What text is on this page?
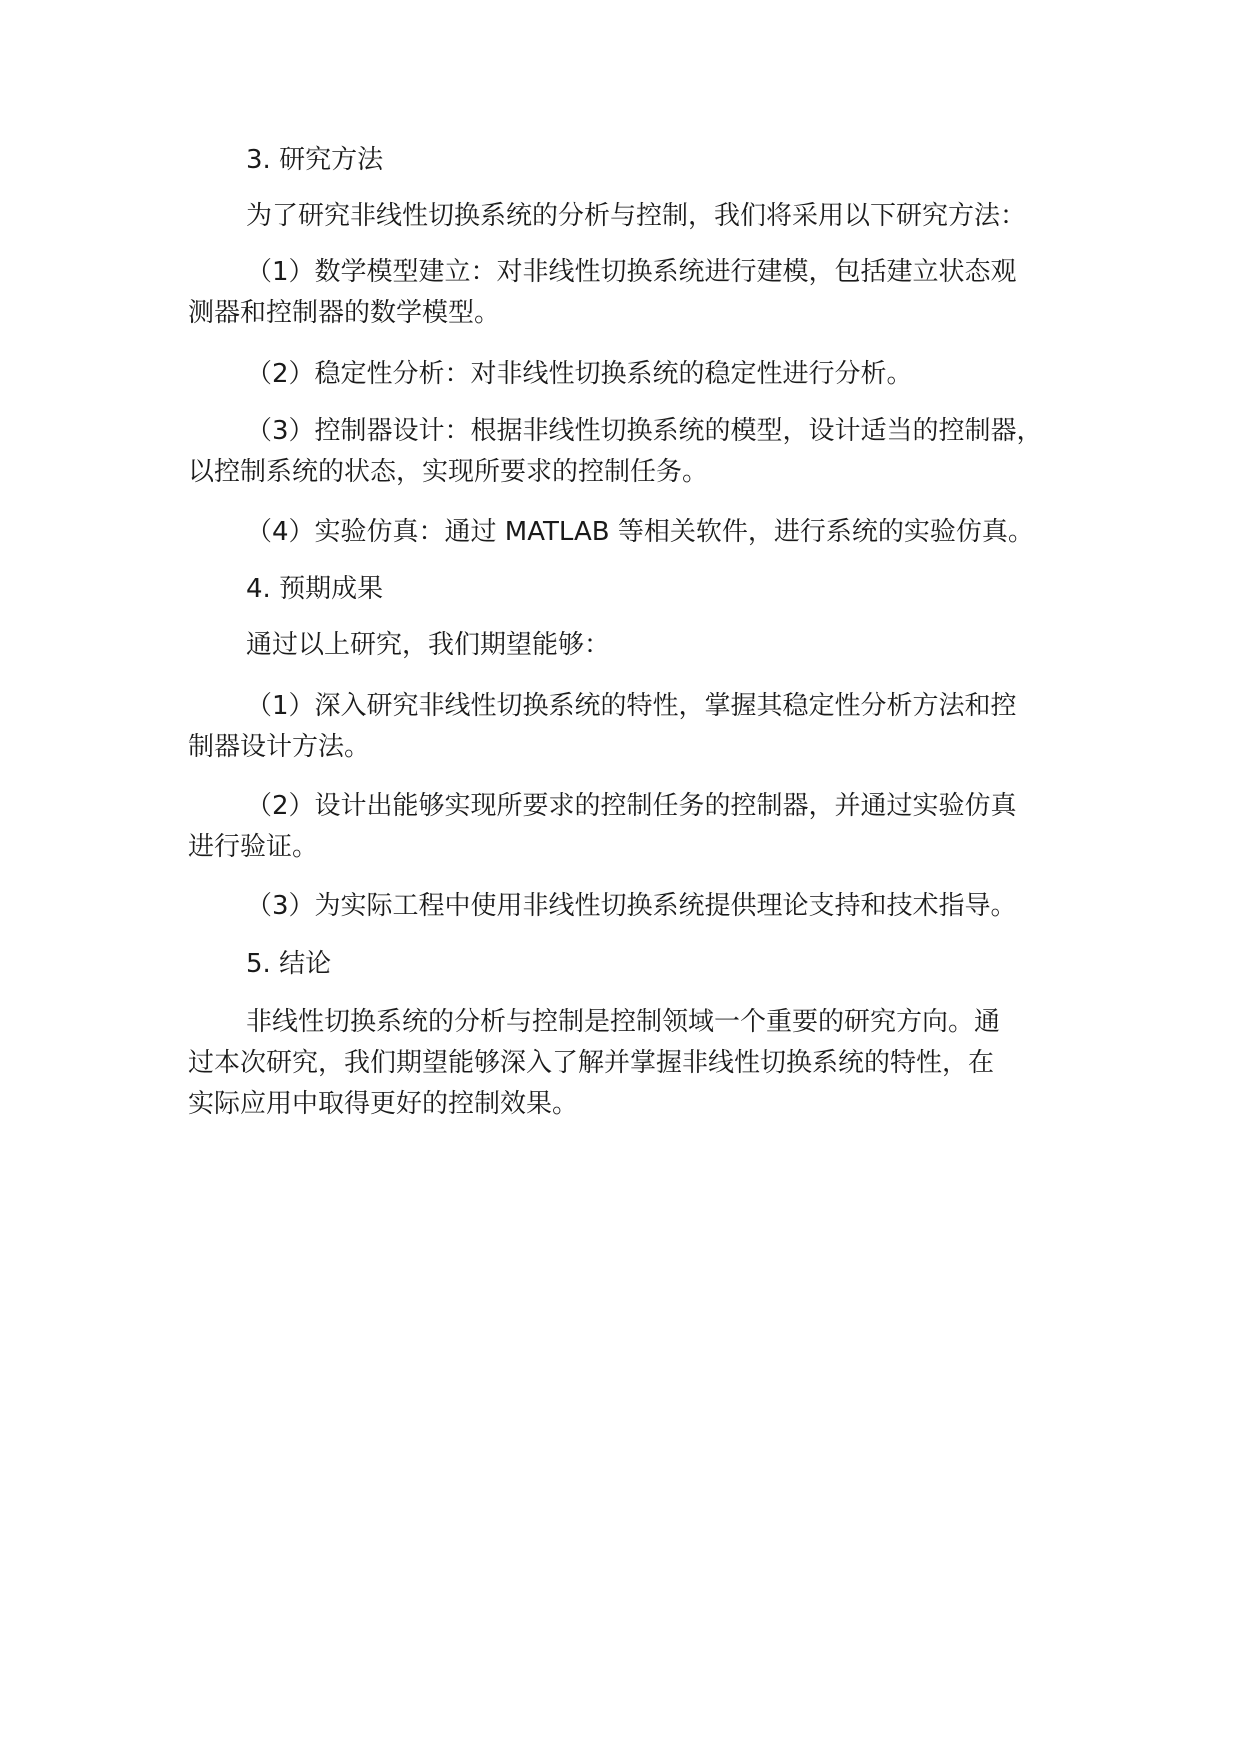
3. 研究方法

为了研究非线性切换系统的分析与控制，我们将采用以下研究方法：

（1）数学模型建立：对非线性切换系统进行建模，包括建立状态观
测器和控制器的数学模型。

（2）稳定性分析：对非线性切换系统的稳定性进行分析。

（3）控制器设计：根据非线性切换系统的模型，设计适当的控制器，
以控制系统的状态，实现所要求的控制任务。

（4）实验仿真：通过 MATLAB 等相关软件，进行系统的实验仿真。

4. 预期成果

通过以上研究，我们期望能够：

（1）深入研究非线性切换系统的特性，掌握其稳定性分析方法和控
制器设计方法。

（2）设计出能够实现所要求的控制任务的控制器，并通过实验仿真
进行验证。

（3）为实际工程中使用非线性切换系统提供理论支持和技术指导。

5. 结论

非线性切换系统的分析与控制是控制领域一个重要的研究方向。通
过本次研究，我们期望能够深入了解并掌握非线性切换系统的特性，在
实际应用中取得更好的控制效果。
